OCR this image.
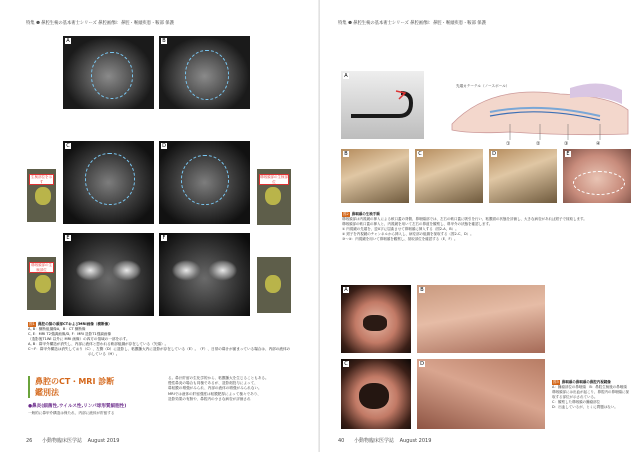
特集 ❶ 鼻腔生検の基本術士シリーズ 鼻腔画像Ⅰ：鼻腔・喉頭疾患・鞍部 保護
A	B
生検部位を示す
C	D
鼻咽頭部の生検部位
鼻咽頭部の生検部位
E	F
図1 鼻腔の猫の頭部CTおよびMRI画像（横断像）
A, B：横断組織像A，B：CT 横断像
C, E：MRI T2強調画像/D, F：MRI 造影T1強調画像
（造影後T1WI 以外に MRI 画像）の四方の領域の一部を示す。
A, B：鼻甲介構造が消失し、内部に液体と思われる軟部組織が存在している（矢頭）。
C～F：鼻甲介構造は消失しており（C）、左側（D）に造影し、粘膜腫大内に造影が存在している（E）。（F）、日常の鼻汁が溜まっている場合は、内部の液体の
示している（H）。
鼻腔のCT・MRI 診断
鑑別法
●鼻炎(細菌性,ウイルス性,リンパ球形質細胞性)
一般的に鼻甲介構造は保たれ、内部に液体が貯留する
る。鼻汁貯留の生化学的から、粘膜腫大を生じることもある。
慢性鼻炎の場合も同様であるが、造影剤投与によって、
鼻粘膜の増強がみられ、内部の液体の増強がみられない。
MRIでは液体の貯留強度は粘膜肥厚によって様々であり、
造影効果の有無や、鼻腔内の小さな病変が評価され
26 小動物臨床医学誌 August 2019
特集 ❶ 鼻腔生検の基本術士シリーズ 鼻腔画像Ⅰ：鼻腔・喉頭疾患・鞍部 保護
A
①	②	③	④
先端カテーテル（ノースポール）
B	C	D	E
図2 鼻咽頭の生検手順
鼻咽頭部は内視鏡の挿入による軟口蓋の背側、鼻咽頭部では、左右の軟口蓋に吸引を行い、粘膜面の状態を評価し、大きな病変があれば鉗子で採取します。
鼻咽頭部の軟口蓋の挿入と、内視鏡を用いて左右の鼻道を観察し、鼻甲介の状態を確認します。
① 内視鏡の先端を、逆U字に屈曲させて鼻咽頭に挿入する（図2-A，B）。
② 鉗子を内視鏡のチャンネルから挿入し、病変部の組織を採取する（図2-C，D）。
③～④：内視鏡を用いて鼻咽頭を観察し、採取部位を確認する（E，F）。
A	B
C	D
図3 鼻咽頭の鼻咽頭の鼻腔内視鏡像
A：腫瘤部位の鼻咽頭　B：鼻腔生検後の鼻咽頭
鼻咽頭部には出血が起こり、鼻腔内の鼻咽頭に採取する部位が示されている。
C：観察した鼻咽頭の腫瘤部位
D：出血しているが、とくに問題はない。
40 小動物臨床医学誌 August 2019
